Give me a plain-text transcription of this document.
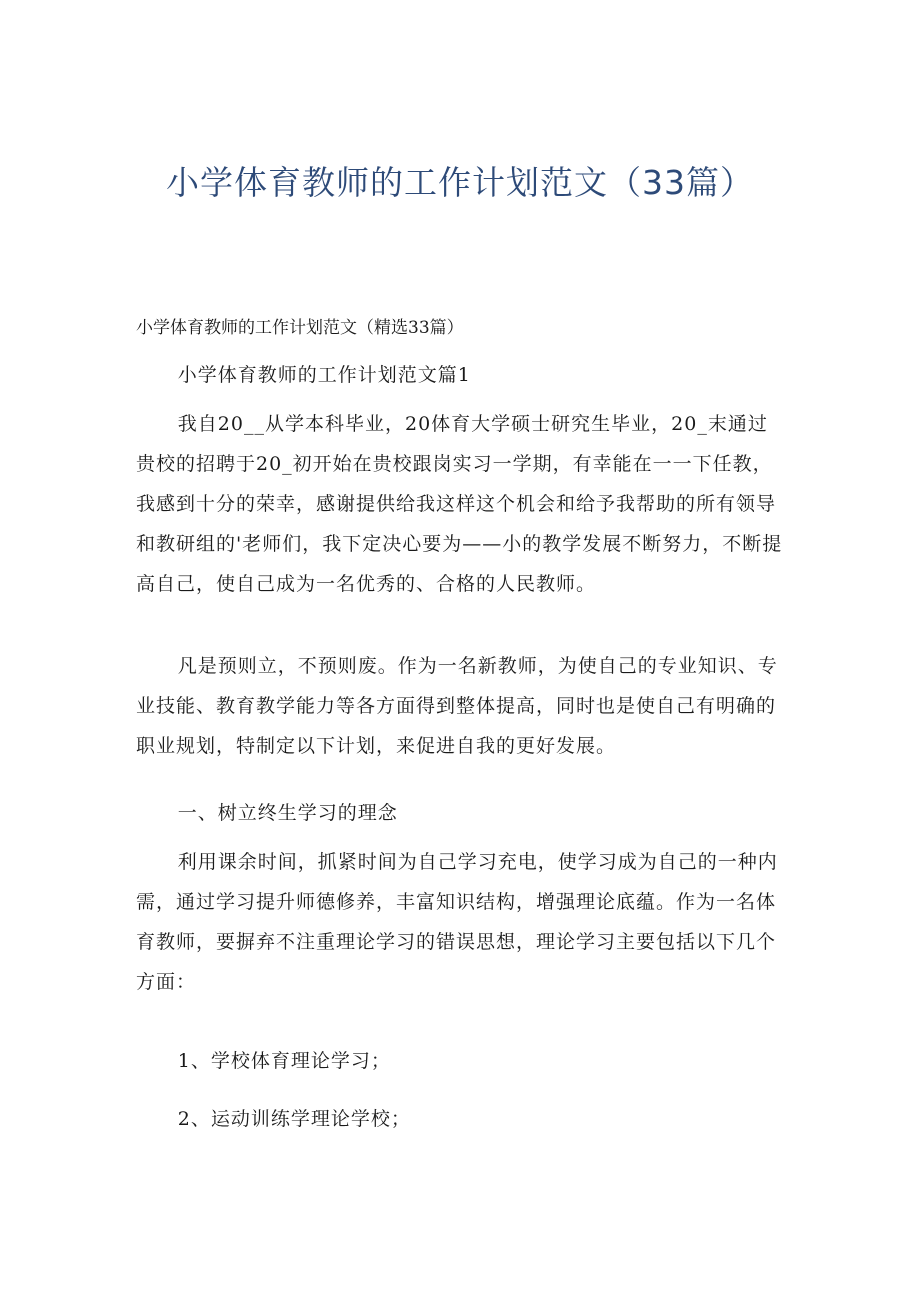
小学体育教师的工作计划范文（33篇）
小学体育教师的工作计划范文（精选33篇）
小学体育教师的工作计划范文篇1
我自20__从学本科毕业，20体育大学硕士研究生毕业，20_末通过贵校的招聘于20_初开始在贵校跟岗实习一学期，有幸能在一一下任教，我感到十分的荣幸，感谢提供给我这样这个机会和给予我帮助的所有领导和教研组的'老师们，我下定决心要为——小的教学发展不断努力，不断提高自己，使自己成为一名优秀的、合格的人民教师。
凡是预则立，不预则废。作为一名新教师，为使自己的专业知识、专业技能、教育教学能力等各方面得到整体提高，同时也是使自己有明确的职业规划，特制定以下计划，来促进自我的更好发展。
一、树立终生学习的理念
利用课余时间，抓紧时间为自己学习充电，使学习成为自己的一种内需，通过学习提升师德修养，丰富知识结构，增强理论底蕴。作为一名体育教师，要摒弃不注重理论学习的错误思想，理论学习主要包括以下几个方面：
1、学校体育理论学习；
2、运动训练学理论学校；
